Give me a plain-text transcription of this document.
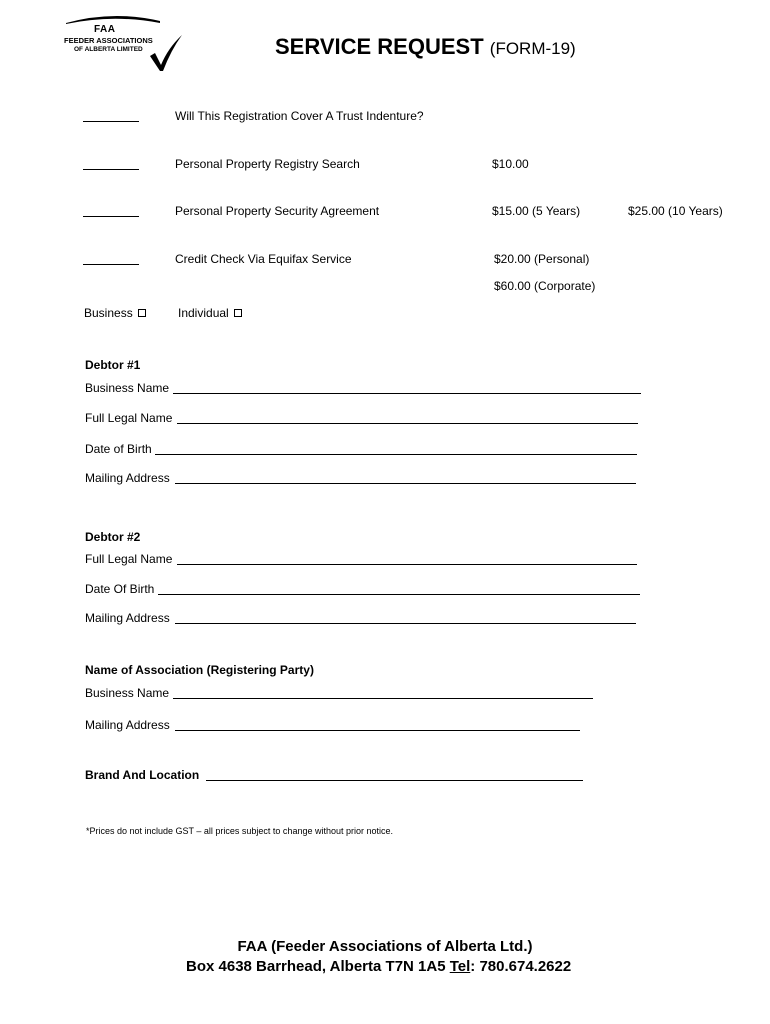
FAA
FEEDER ASSOCIATIONS
OF ALBERTA LIMITED	SERVICE REQUEST (FORM-19)
Will This Registration Cover A Trust Indenture?
Personal Property Registry Search	$10.00
Personal Property Security Agreement	$15.00 (5 Years)	$25.00 (10 Years)
Credit Check Via Equifax Service	$20.00 (Personal)
$60.00 (Corporate)
Business	Individual
Debtor #1
Business Name
Full Legal Name
Date of Birth
Mailing Address
Debtor #2
Full Legal Name
Date Of Birth
Mailing Address
Name of Association (Registering Party)
Business Name
Mailing Address
Brand And Location
*Prices do not include GST – all prices subject to change without prior notice.
FAA (Feeder Associations of Alberta Ltd.)
Box 4638 Barrhead, Alberta T7N 1A5 Tel: 780.674.2622
